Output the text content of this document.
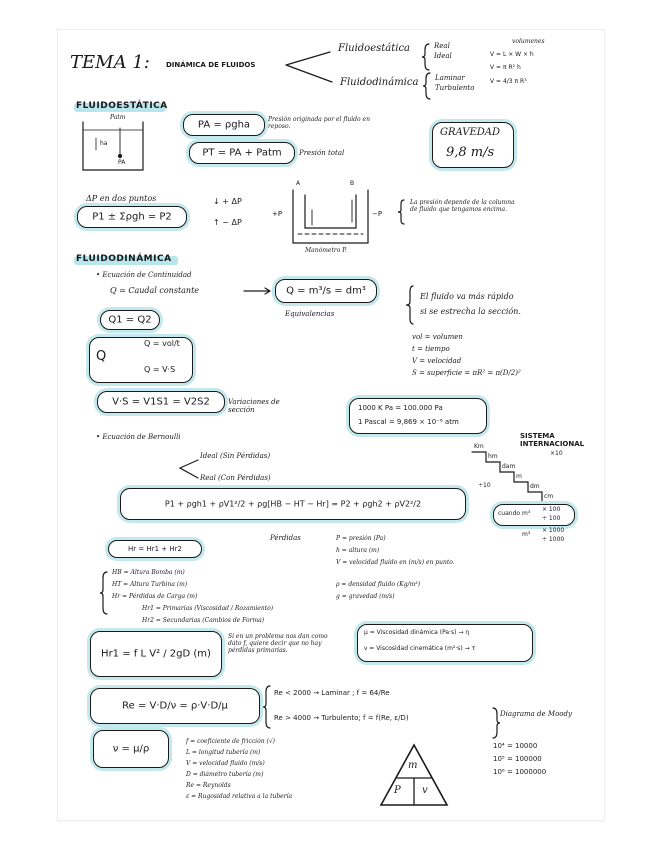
TEMA 1: DINÁMICA DE FLUIDOS
Fluidoestática	Real
Ideal
Fluidodinámica Laminar
Turbulento
volumenes
V = L × W × h
V = π R² h
V = 4/3 π R³
FLUIDOESTÁTICA
Patm
ha
PA
PA = ρgha	Presión originada por el fluido en reposo.
PT = PA + Patm	Presión total
GRAVEDAD
9,8 m/s
ΔP en dos puntos
P1 ± Σρgh = P2
↓ + ΔP
↑ − ΔP
+P	−P
A	B
Manómetro P.
La presión depende de la columna de fluido que tengamos encima.
FLUIDODINÁMICA
• Ecuación de Continuidad
Q = Caudal constante	Q = m³/s = dm³
Equivalencias
El fluido va más rápido
si se estrecha la sección.
Q1 = Q2
Q
Q = vol/t
Q = V·S
vol = volumen
t = tiempo
V = velocidad
S = superficie = πR² = π(D/2)²
V·S = V1S1 = V2S2	Variaciones de sección	1000 K Pa = 100.000 Pa
1 Pascal = 9,869 × 10⁻⁶ atm
SISTEMA INTERNACIONAL
Km
hm
dam
m
dm
cm
×10
÷10
• Ecuación de Bernoulli
Ideal (Sin Pérdidas)
Real (Con Pérdidas)
P1 + ρgh1 + ρV1²/2 + ρg[HB − HT − Hr] = P2 + ρgh2 + ρV2²/2
cuando m³
× 100
÷ 100
m³
× 1000
÷ 1000
Pérdidas
Hr = Hr1 + Hr2
HB = Altura Bomba (m)
HT = Altura Turbina (m)
Hr = Pérdidas de Carga (m)
Hr1 = Primarias (Viscosidad / Rozamiento)
Hr2 = Secundarias (Cambios de Forma)
P = presión (Pa)
h = altura (m)
V = velocidad fluido en (m/s) en punto.
ρ = densidad fluido (Kg/m³)
g = gravedad (m/s)
μ = Viscosidad dinámica (Pa·s) → η
ν = Viscosidad cinemática (m²·s) → τ
Hr1 = f L V² / 2gD (m)
Si en un problema nos dan como dato f, quiere decir que no hay pérdidas primarias.
Re = V·D/ν = ρ·V·D/μ
Re < 2000 → Laminar ; f = 64/Re
Re > 4000 → Turbulento; f = f(Re, ε/D)	Diagrama de Moody
ν = μ/ρ
f = coeficiente de fricción (√)
L = longitud tubería (m)
V = velocidad fluido (m/s)
D = diámetro tubería (m)
Re = Reynolds
ε = Rugosidad relativa a la tubería
10⁴ = 10000
10⁵ = 100000
10⁶ = 1000000
m
P v
